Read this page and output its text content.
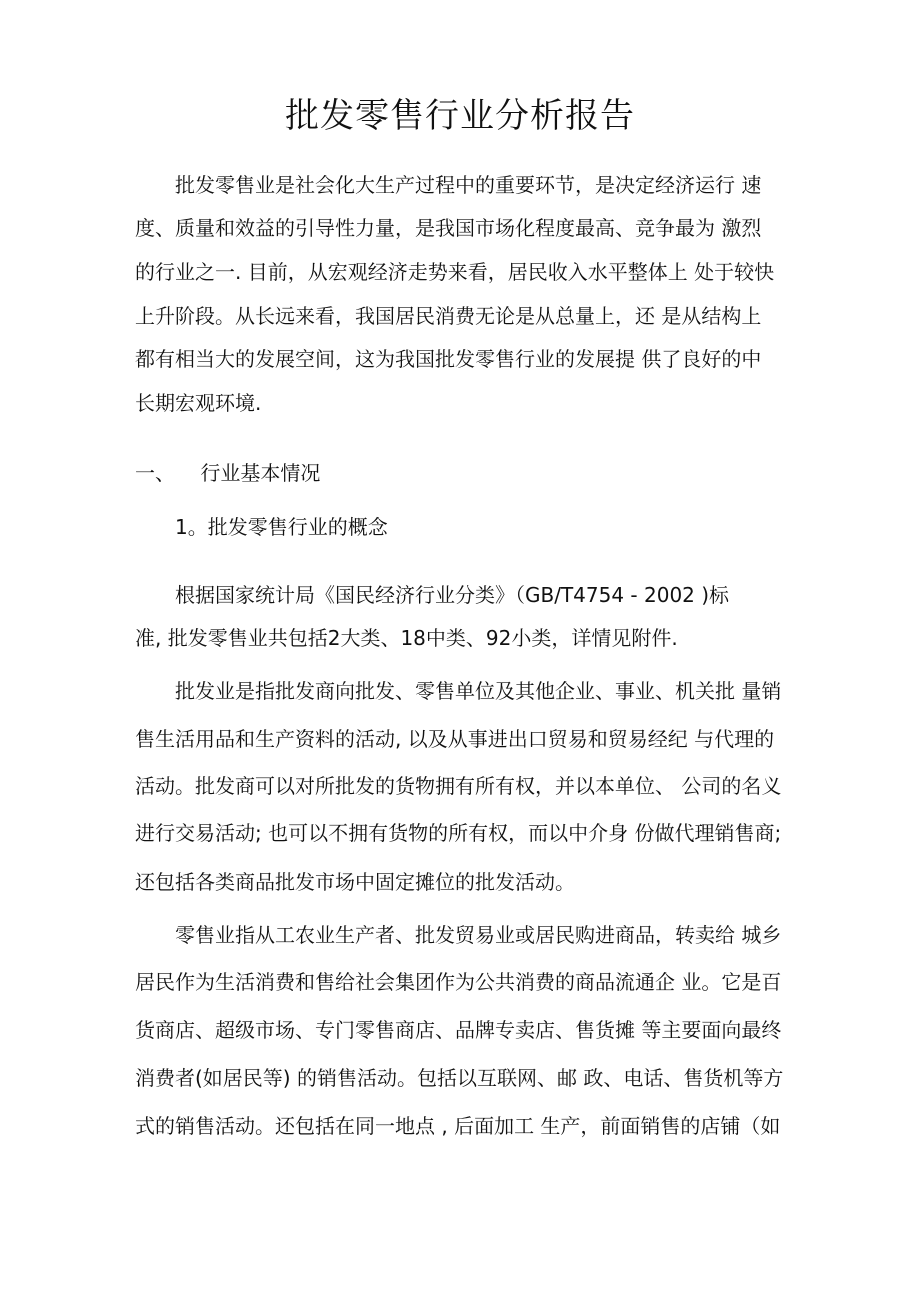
批发零售行业分析报告
批发零售业是社会化大生产过程中的重要环节，是决定经济运行 速
度、质量和效益的引导性力量，是我国市场化程度最高、竞争最为 激烈
的行业之一. 目前，从宏观经济走势来看，居民收入水平整体上 处于较快
上升阶段。从长远来看，我国居民消费无论是从总量上，还 是从结构上
都有相当大的发展空间，这为我国批发零售行业的发展提 供了良好的中
长期宏观环境.
一、    行业基本情况
1。批发零售行业的概念
根据国家统计局《国民经济行业分类》（GB/T4754 - 2002 )标
准, 批发零售业共包括2大类、18中类、92小类，详情见附件.
批发业是指批发商向批发、零售单位及其他企业、事业、机关批 量销
售生活用品和生产资料的活动, 以及从事进出口贸易和贸易经纪 与代理的
活动。批发商可以对所批发的货物拥有所有权，并以本单位、 公司的名义
进行交易活动; 也可以不拥有货物的所有权，而以中介身 份做代理销售商;
还包括各类商品批发市场中固定摊位的批发活动。
零售业指从工农业生产者、批发贸易业或居民购进商品，转卖给 城乡
居民作为生活消费和售给社会集团作为公共消费的商品流通企 业。它是百
货商店、超级市场、专门零售商店、品牌专卖店、售货摊 等主要面向最终
消费者(如居民等) 的销售活动。包括以互联网、邮 政、电话、售货机等方
式的销售活动。还包括在同一地点 , 后面加工 生产，前面销售的店铺（如
